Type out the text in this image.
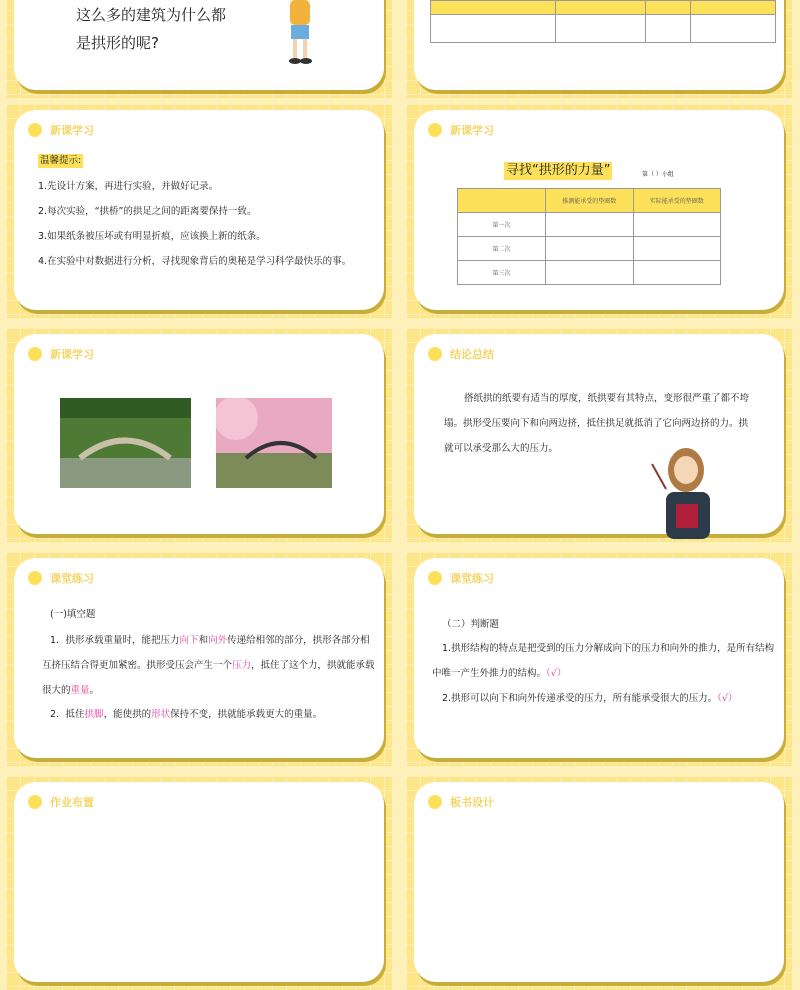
这么多的建筑为什么都
是拱形的呢?

新课学习
温馨提示:
1.先设计方案，再进行实验，并做好记录。
2.每次实验，“拱桥”的拱足之间的距离要保持一致。
3.如果纸条被压坏或有明显折痕，应该换上新的纸条。
4.在实验中对数据进行分析，寻找现象背后的奥秘是学习科学最快乐的事。
新课学习
寻找“拱形的力量”	第（ ）小组
	推测能承受的垫圈数	实际能承受的垫圈数
第一次		
第二次		
第三次		
新课学习	结论总结
搭纸拱的纸要有适当的厚度，纸拱要有其特点，变形很严重了都不垮塌。拱形受压要向下和向两边挤，抵住拱足就抵消了它向两边挤的力。拱就可以承受那么大的压力。
课堂练习
(一)填空题
1．拱形承载重量时，能把压力向下和向外传递给相邻的部分，拱形各部分相互挤压结合得更加紧密。拱形受压会产生一个压力，抵住了这个力，拱就能承载很大的重量。
2．抵住拱脚，能使拱的形状保持不变，拱就能承载更大的重量。
课堂练习
（二）判断题
1.拱形结构的特点是把受到的压力分解成向下的压力和向外的推力，是所有结构中唯一产生外推力的结构。（√）
2.拱形可以向下和向外传递承受的压力，所有能承受很大的压力。（√）
作业布置	板书设计
